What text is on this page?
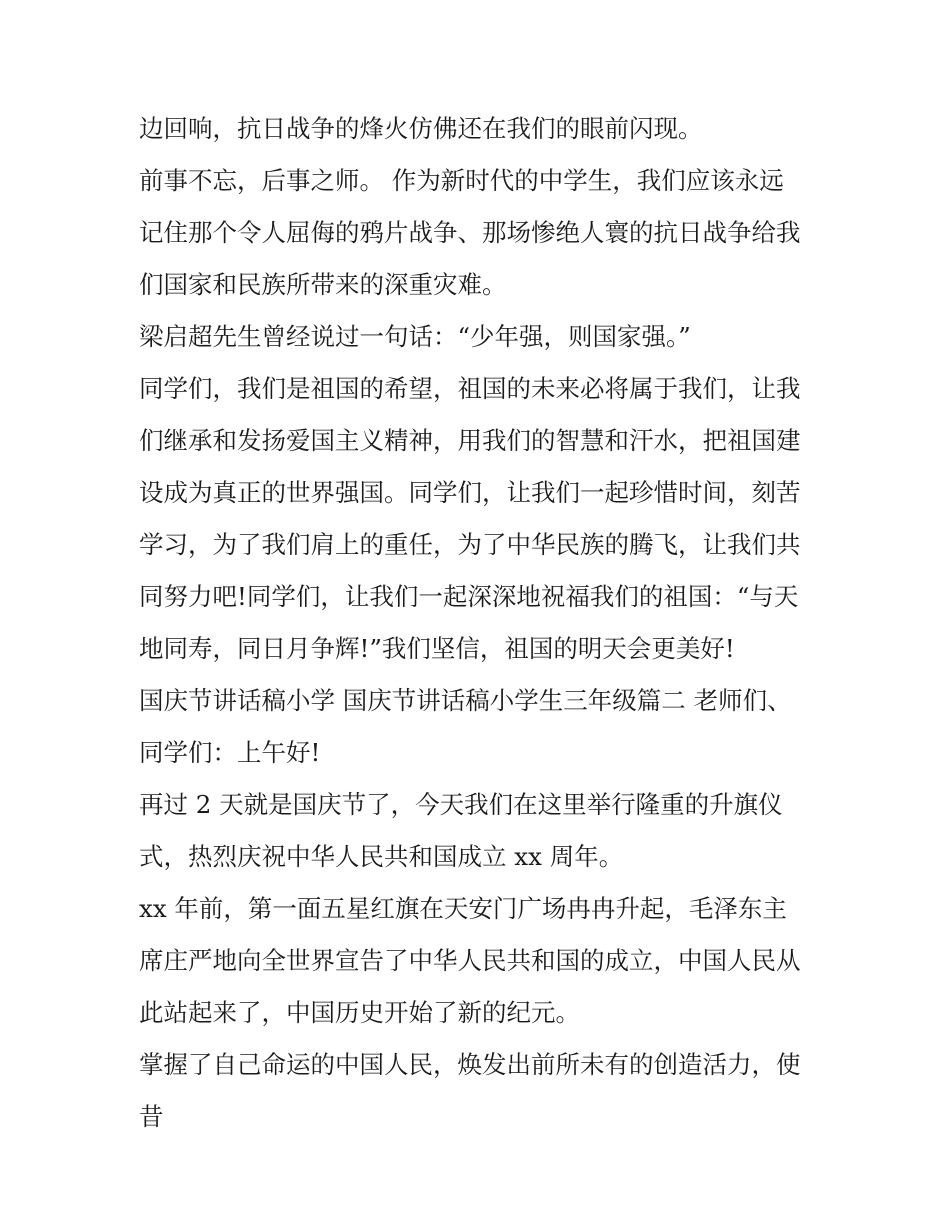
边回响，抗日战争的烽火仿佛还在我们的眼前闪现。
前事不忘，后事之师。 作为新时代的中学生，我们应该永远
记住那个令人屈侮的鸦片战争、那场惨绝人寰的抗日战争给我
们国家和民族所带来的深重灾难。
梁启超先生曾经说过一句话：“少年强，则国家强。”
同学们，我们是祖国的希望，祖国的未来必将属于我们，让我
们继承和发扬爱国主义精神，用我们的智慧和汗水，把祖国建
设成为真正的世界强国。同学们，让我们一起珍惜时间，刻苦
学习，为了我们肩上的重任，为了中华民族的腾飞，让我们共
同努力吧!同学们，让我们一起深深地祝福我们的祖国：“与天
地同寿，同日月争辉!”我们坚信，祖国的明天会更美好!
国庆节讲话稿小学 国庆节讲话稿小学生三年级篇二 老师们、
同学们：上午好!
再过 2 天就是国庆节了，今天我们在这里举行隆重的升旗仪
式，热烈庆祝中华人民共和国成立 xx 周年。
xx 年前，第一面五星红旗在天安门广场冉冉升起，毛泽东主
席庄严地向全世界宣告了中华人民共和国的成立，中国人民从
此站起来了，中国历史开始了新的纪元。
掌握了自己命运的中国人民，焕发出前所未有的创造活力，使
昔
